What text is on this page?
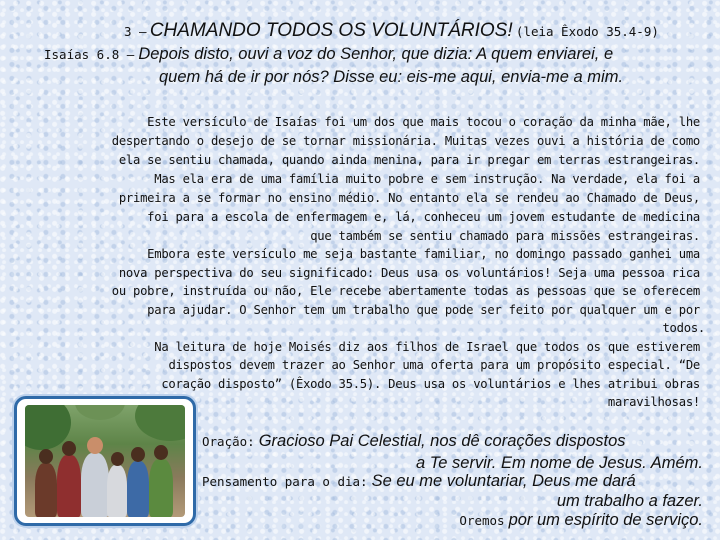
3 – CHAMANDO TODOS OS VOLUNTÁRIOS! (leia Êxodo 35.4-9)
Isaías 6.8 – Depois disto, ouvi a voz do Senhor, que dizia: A quem enviarei, e
quem há de ir por nós? Disse eu: eis-me aqui, envia-me a mim.
Este versículo de Isaías foi um dos que mais tocou o coração da minha mãe, lhe
despertando o desejo de se tornar missionária. Muitas vezes ouvi a história de como
ela se sentiu chamada, quando ainda menina, para ir pregar em terras estrangeiras.
Mas ela era de uma família muito pobre e sem instrução. Na verdade, ela foi a
primeira a se formar no ensino médio. No entanto ela se rendeu ao Chamado de Deus,
foi para a escola de enfermagem e, lá, conheceu um jovem estudante de medicina
que também se sentiu chamado para missões estrangeiras.
Embora este versículo me seja bastante familiar, no domingo passado ganhei uma
nova perspectiva do seu significado: Deus usa os voluntários! Seja uma pessoa rica
ou pobre, instruída ou não, Ele recebe abertamente todas as pessoas que se oferecem
para ajudar. O Senhor tem um trabalho que pode ser feito por qualquer um e por
todos.
Na leitura de hoje Moisés diz aos filhos de Israel que todos os que estiverem
dispostos devem trazer ao Senhor uma oferta para um propósito especial. “De
coração disposto” (Êxodo 35.5). Deus usa os voluntários e lhes atribui obras
maravilhosas!
Oração: Gracioso Pai Celestial, nos dê corações dispostos
a Te servir. Em nome de Jesus. Amém.
Pensamento para o dia: Se eu me voluntariar, Deus me dará
um trabalho a fazer.
Oremos por um espírito de serviço.
